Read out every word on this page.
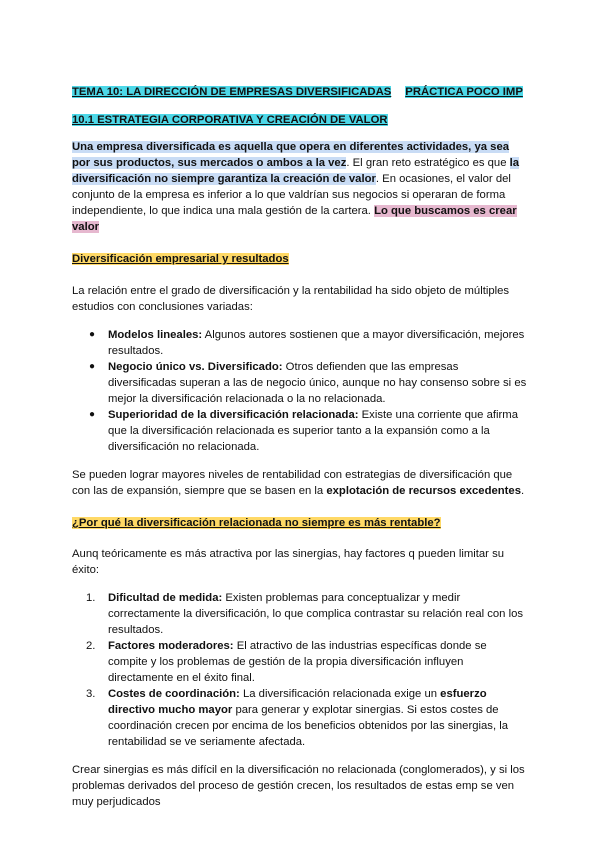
TEMA 10: LA DIRECCIÓN DE EMPRESAS DIVERSIFICADAS PRÁCTICA POCO IMP

10.1 ESTRATEGIA CORPORATIVA Y CREACIÓN DE VALOR

Una empresa diversificada es aquella que opera en diferentes actividades, ya sea por sus productos, sus mercados o ambos a la vez. El gran reto estratégico es que la diversificación no siempre garantiza la creación de valor. En ocasiones, el valor del conjunto de la empresa es inferior a lo que valdrían sus negocios si operaran de forma independiente, lo que indica una mala gestión de la cartera. Lo que buscamos es crear valor

Diversificación empresarial y resultados

La relación entre el grado de diversificación y la rentabilidad ha sido objeto de múltiples estudios con conclusiones variadas:

● Modelos lineales: Algunos autores sostienen que a mayor diversificación, mejores resultados.
● Negocio único vs. Diversificado: Otros defienden que las empresas diversificadas superan a las de negocio único, aunque no hay consenso sobre si es mejor la diversificación relacionada o la no relacionada.
● Superioridad de la diversificación relacionada: Existe una corriente que afirma que la diversificación relacionada es superior tanto a la expansión como a la diversificación no relacionada.

Se pueden lograr mayores niveles de rentabilidad con estrategias de diversificación que con las de expansión, siempre que se basen en la explotación de recursos excedentes.

¿Por qué la diversificación relacionada no siempre es más rentable?

Aunq teóricamente es más atractiva por las sinergias, hay factores q pueden limitar su éxito:

1. Dificultad de medida: Existen problemas para conceptualizar y medir correctamente la diversificación, lo que complica contrastar su relación real con los resultados.
2. Factores moderadores: El atractivo de las industrias específicas donde se compite y los problemas de gestión de la propia diversificación influyen directamente en el éxito final.
3. Costes de coordinación: La diversificación relacionada exige un esfuerzo directivo mucho mayor para generar y explotar sinergias. Si estos costes de coordinación crecen por encima de los beneficios obtenidos por las sinergias, la rentabilidad se ve seriamente afectada.

Crear sinergias es más difícil en la diversificación no relacionada (conglomerados), y si los problemas derivados del proceso de gestión crecen, los resultados de estas emp se ven muy perjudicados
